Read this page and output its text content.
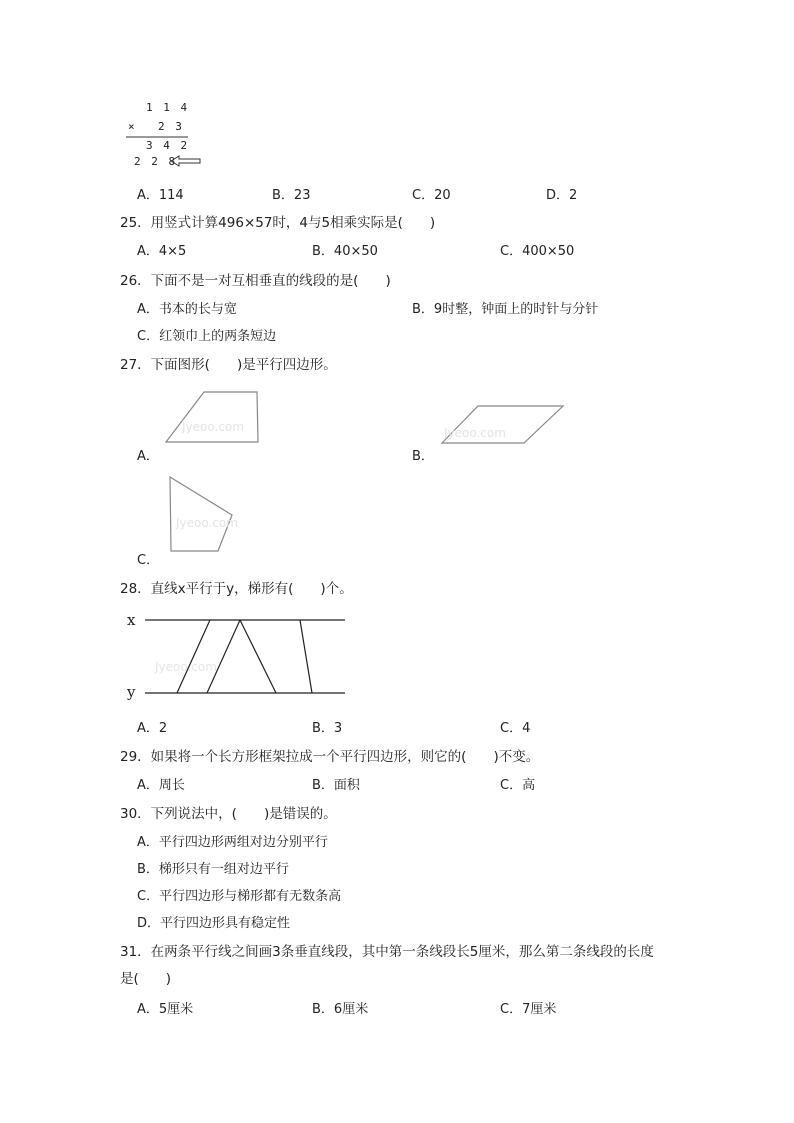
1 1 4
× 2 3
3 4 2
2 2 8
A．114	B．23	C．20	D．2
25．用竖式计算496×57时，4与5相乘实际是(　　)
A．4×5	B．40×50	C．400×50
26．下面不是一对互相垂直的线段的是(　　)
A．书本的长与宽	B．9时整，钟面上的时针与分针
C．红领巾上的两条短边
27．下面图形(　　)是平行四边形。
Jyeoo.com
A．
Jyeoo.com
B．
Jyeoo.com
C．
28．直线x平行于y，梯形有(　　)个。
x
y
Jyeoo.com
A．2	B．3	C．4
29．如果将一个长方形框架拉成一个平行四边形，则它的(　　)不变。
A．周长	B．面积	C．高
30．下列说法中，(　　)是错误的。
A．平行四边形两组对边分别平行
B．梯形只有一组对边平行
C．平行四边形与梯形都有无数条高
D．平行四边形具有稳定性
31．在两条平行线之间画3条垂直线段，其中第一条线段长5厘米，那么第二条线段的长度
是(　　)
A．5厘米	B．6厘米	C．7厘米
